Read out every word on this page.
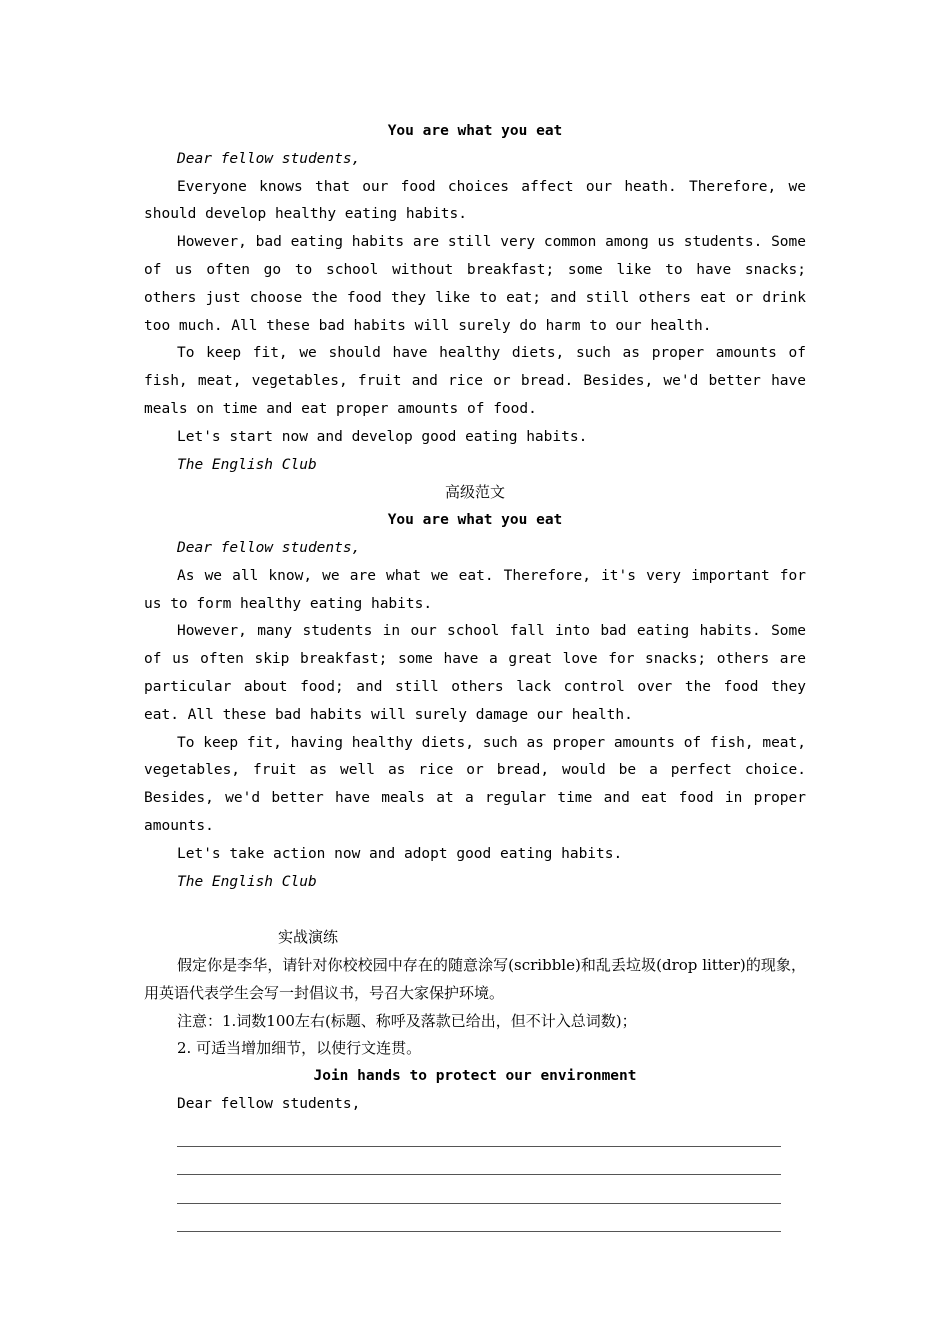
You are what you eat
Dear fellow students,
Everyone knows that our food choices affect our heath. Therefore, we should develop healthy eating habits.
However, bad eating habits are still very common among us students. Some of us often go to school without breakfast; some like to have snacks; others just choose the food they like to eat; and still others eat or drink too much. All these bad habits will surely do harm to our health.
To keep fit, we should have healthy diets, such as proper amounts of fish, meat, vegetables, fruit and rice or bread. Besides, we'd better have meals on time and eat proper amounts of food.
Let's start now and develop good eating habits.
The English Club
高级范文
You are what you eat
Dear fellow students,
As we all know, we are what we eat. Therefore, it's very important for us to form healthy eating habits.
However, many students in our school fall into bad eating habits. Some of us often skip breakfast; some have a great love for snacks; others are particular about food; and still others lack control over the food they eat. All these bad habits will surely damage our health.
To keep fit, having healthy diets, such as proper amounts of fish, meat, vegetables, fruit as well as rice or bread, would be a perfect choice. Besides, we'd better have meals at a regular time and eat food in proper amounts.
Let's take action now and adopt good eating habits.
The English Club
实战演练
假定你是李华，请针对你校校园中存在的随意涂写(scribble)和乱丢垃圾(drop litter)的现象，用英语代表学生会写一封倡议书，号召大家保护环境。
注意：1.词数100左右(标题、称呼及落款已给出，但不计入总词数)；
2. 可适当增加细节，以使行文连贯。
Join hands to protect our environment
Dear fellow students,
